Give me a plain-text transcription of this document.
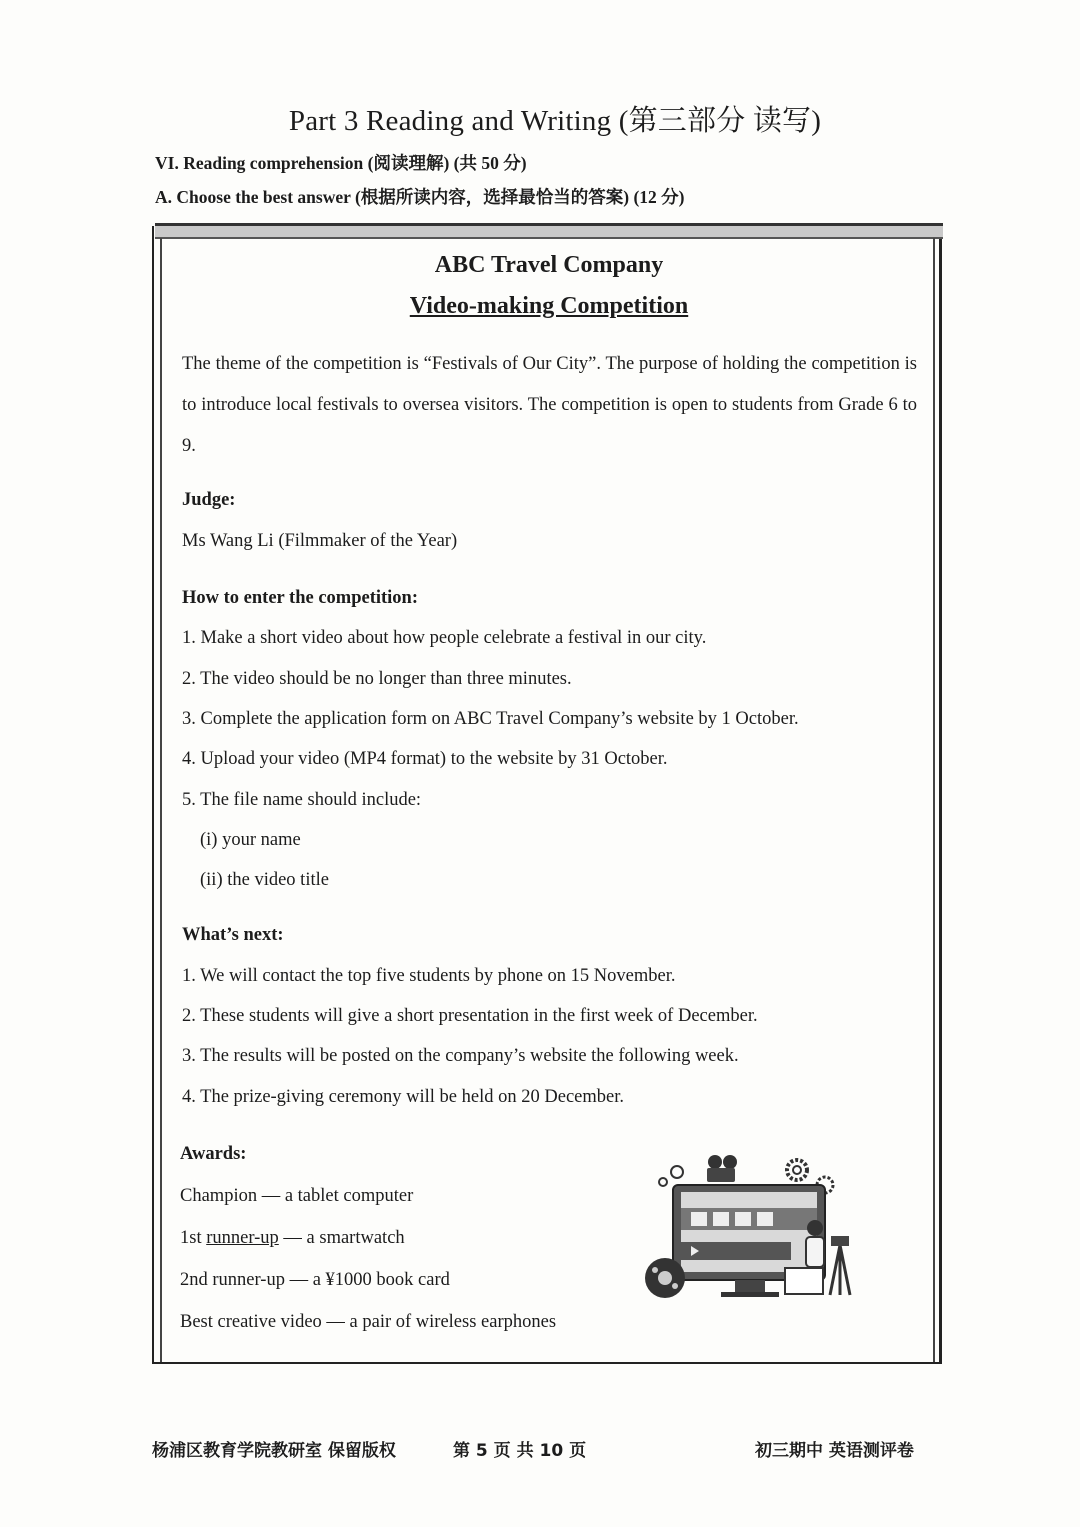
Part 3 Reading and Writing (第三部分 读写)
VI. Reading comprehension (阅读理解) (共 50 分)
A. Choose the best answer (根据所读内容，选择最恰当的答案) (12 分)
ABC Travel Company
Video-making Competition
The theme of the competition is “Festivals of Our City”. The purpose of holding the competition is to introduce local festivals to oversea visitors. The competition is open to students from Grade 6 to 9.
Judge:
Ms Wang Li (Filmmaker of the Year)
How to enter the competition:
1. Make a short video about how people celebrate a festival in our city.
2. The video should be no longer than three minutes.
3. Complete the application form on ABC Travel Company’s website by 1 October.
4. Upload your video (MP4 format) to the website by 31 October.
5. The file name should include:
(i) your name
(ii) the video title
What’s next:
1. We will contact the top five students by phone on 15 November.
2. These students will give a short presentation in the first week of December.
3. The results will be posted on the company’s website the following week.
4. The prize-giving ceremony will be held on 20 December.
Awards:
Champion — a tablet computer
1st runner-up — a smartwatch
2nd runner-up — a ¥1000 book card
Best creative video — a pair of wireless earphones
杨浦区教育学院教研室 保留版权	第 5 页 共 10 页	初三期中 英语测评卷
